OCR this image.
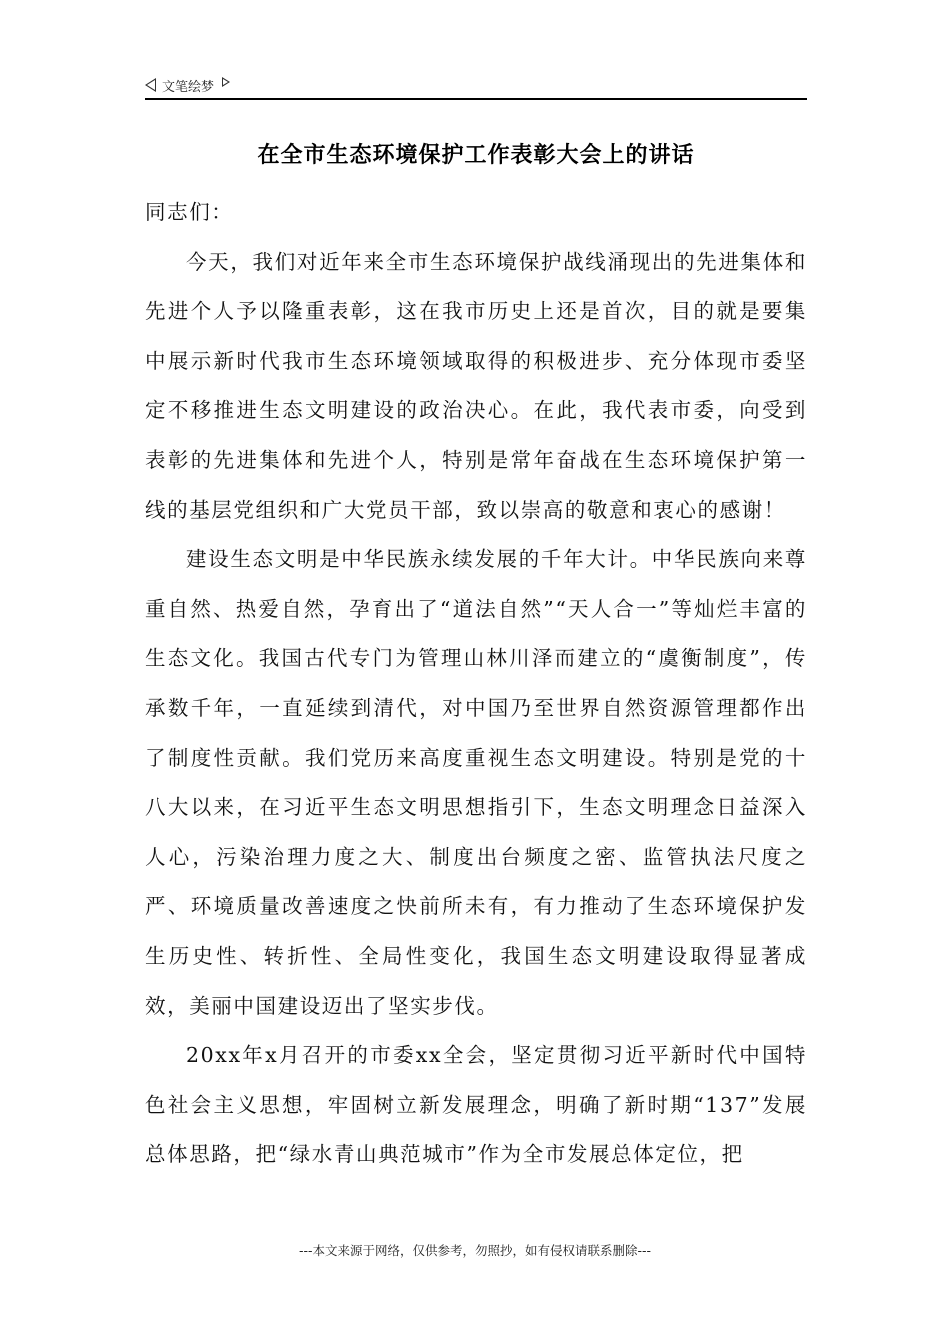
文笔绘梦
在全市生态环境保护工作表彰大会上的讲话

同志们：

今天，我们对近年来全市生态环境保护战线涌现出的先进集体和先进个人予以隆重表彰，这在我市历史上还是首次，目的就是要集中展示新时代我市生态环境领域取得的积极进步、充分体现市委坚定不移推进生态文明建设的政治决心。在此，我代表市委，向受到表彰的先进集体和先进个人，特别是常年奋战在生态环境保护第一线的基层党组织和广大党员干部，致以崇高的敬意和衷心的感谢！

建设生态文明是中华民族永续发展的千年大计。中华民族向来尊重自然、热爱自然，孕育出了“道法自然”“天人合一”等灿烂丰富的生态文化。我国古代专门为管理山林川泽而建立的“虞衡制度”，传承数千年，一直延续到清代，对中国乃至世界自然资源管理都作出了制度性贡献。我们党历来高度重视生态文明建设。特别是党的十八大以来，在习近平生态文明思想指引下，生态文明理念日益深入人心，污染治理力度之大、制度出台频度之密、监管执法尺度之严、环境质量改善速度之快前所未有，有力推动了生态环境保护发生历史性、转折性、全局性变化，我国生态文明建设取得显著成效，美丽中国建设迈出了坚实步伐。

20xx年x月召开的市委xx全会，坚定贯彻习近平新时代中国特色社会主义思想，牢固树立新发展理念，明确了新时期“137”发展总体思路，把“绿水青山典范城市”作为全市发展总体定位，把

---本文来源于网络，仅供参考，勿照抄，如有侵权请联系删除---
